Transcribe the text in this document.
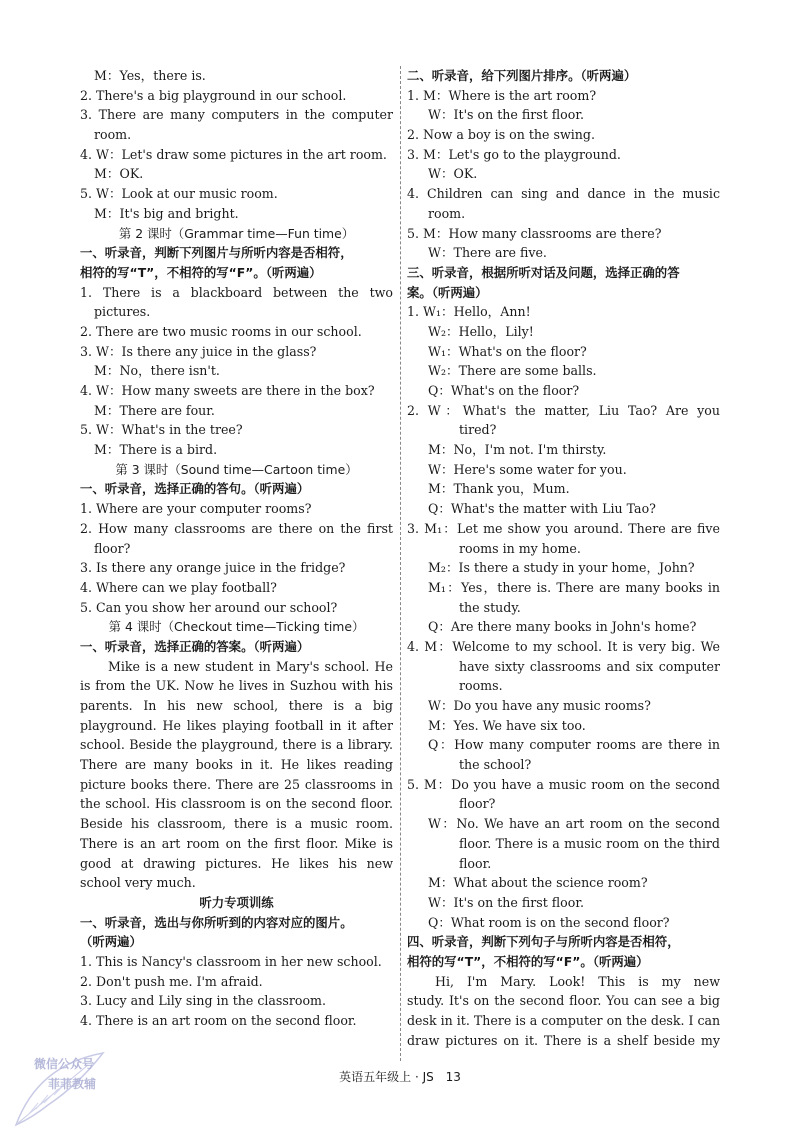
M：Yes，there is.
2. There's a big playground in our school.
3. There are many computers in the computer
room.
4. W：Let's draw some pictures in the art room.
M：OK.
5. W：Look at our music room.
M：It's big and bright.
第 2 课时（Grammar time—Fun time）
一、听录音，判断下列图片与所听内容是否相符，
相符的写“T”，不相符的写“F”。（听两遍）
1. There is a blackboard between the two
pictures.
2. There are two music rooms in our school.
3. W：Is there any juice in the glass?
M：No，there isn't.
4. W：How many sweets are there in the box?
M：There are four.
5. W：What's in the tree?
M：There is a bird.
第 3 课时（Sound time—Cartoon time）
一、听录音，选择正确的答句。（听两遍）
1. Where are your computer rooms?
2. How many classrooms are there on the first
floor?
3. Is there any orange juice in the fridge?
4. Where can we play football?
5. Can you show her around our school?
第 4 课时（Checkout time—Ticking time）
一、听录音，选择正确的答案。（听两遍）
Mike is a new student in Mary's school. He
is from the UK. Now he lives in Suzhou with his
parents. In his new school, there is a big
playground. He likes playing football in it after
school. Beside the playground, there is a library.
There are many books in it. He likes reading
picture books there. There are 25 classrooms in
the school. His classroom is on the second floor.
Beside his classroom, there is a music room.
There is an art room on the first floor. Mike is
good at drawing pictures. He likes his new
school very much.
听力专项训练
一、听录音，选出与你所听到的内容对应的图片。
（听两遍）
1. This is Nancy's classroom in her new school.
2. Don't push me. I'm afraid.
3. Lucy and Lily sing in the classroom.
4. There is an art room on the second floor.
二、听录音，给下列图片排序。（听两遍）
1. M：Where is the art room?
W：It's on the first floor.
2. Now a boy is on the swing.
3. M：Let's go to the playground.
W：OK.
4. Children can sing and dance in the music
room.
5. M：How many classrooms are there?
W：There are five.
三、听录音，根据所听对话及问题，选择正确的答
案。（听两遍）
1. W₁：Hello，Ann!
W₂：Hello，Lily!
W₁：What's on the floor?
W₂：There are some balls.
Q：What's on the floor?
2. W：What's the matter, Liu Tao? Are you
tired?
M：No，I'm not. I'm thirsty.
W：Here's some water for you.
M：Thank you，Mum.
Q：What's the matter with Liu Tao?
3. M₁：Let me show you around. There are five
rooms in my home.
M₂：Is there a study in your home，John?
M₁：Yes，there is. There are many books in
the study.
Q：Are there many books in John's home?
4. M：Welcome to my school. It is very big. We
have sixty classrooms and six computer
rooms.
W：Do you have any music rooms?
M：Yes. We have six too.
Q：How many computer rooms are there in
the school?
5. M：Do you have a music room on the second
floor?
W：No. We have an art room on the second
floor. There is a music room on the third
floor.
M：What about the science room?
W：It's on the first floor.
Q：What room is on the second floor?
四、听录音，判断下列句子与所听内容是否相符，
相符的写“T”，不相符的写“F”。（听两遍）
Hi, I'm Mary. Look! This is my new
study. It's on the second floor. You can see a big
desk in it. There is a computer on the desk. I can
draw pictures on it. There is a shelf beside my
英语五年级上 · JS 13
微信公众号
菲菲教辅
